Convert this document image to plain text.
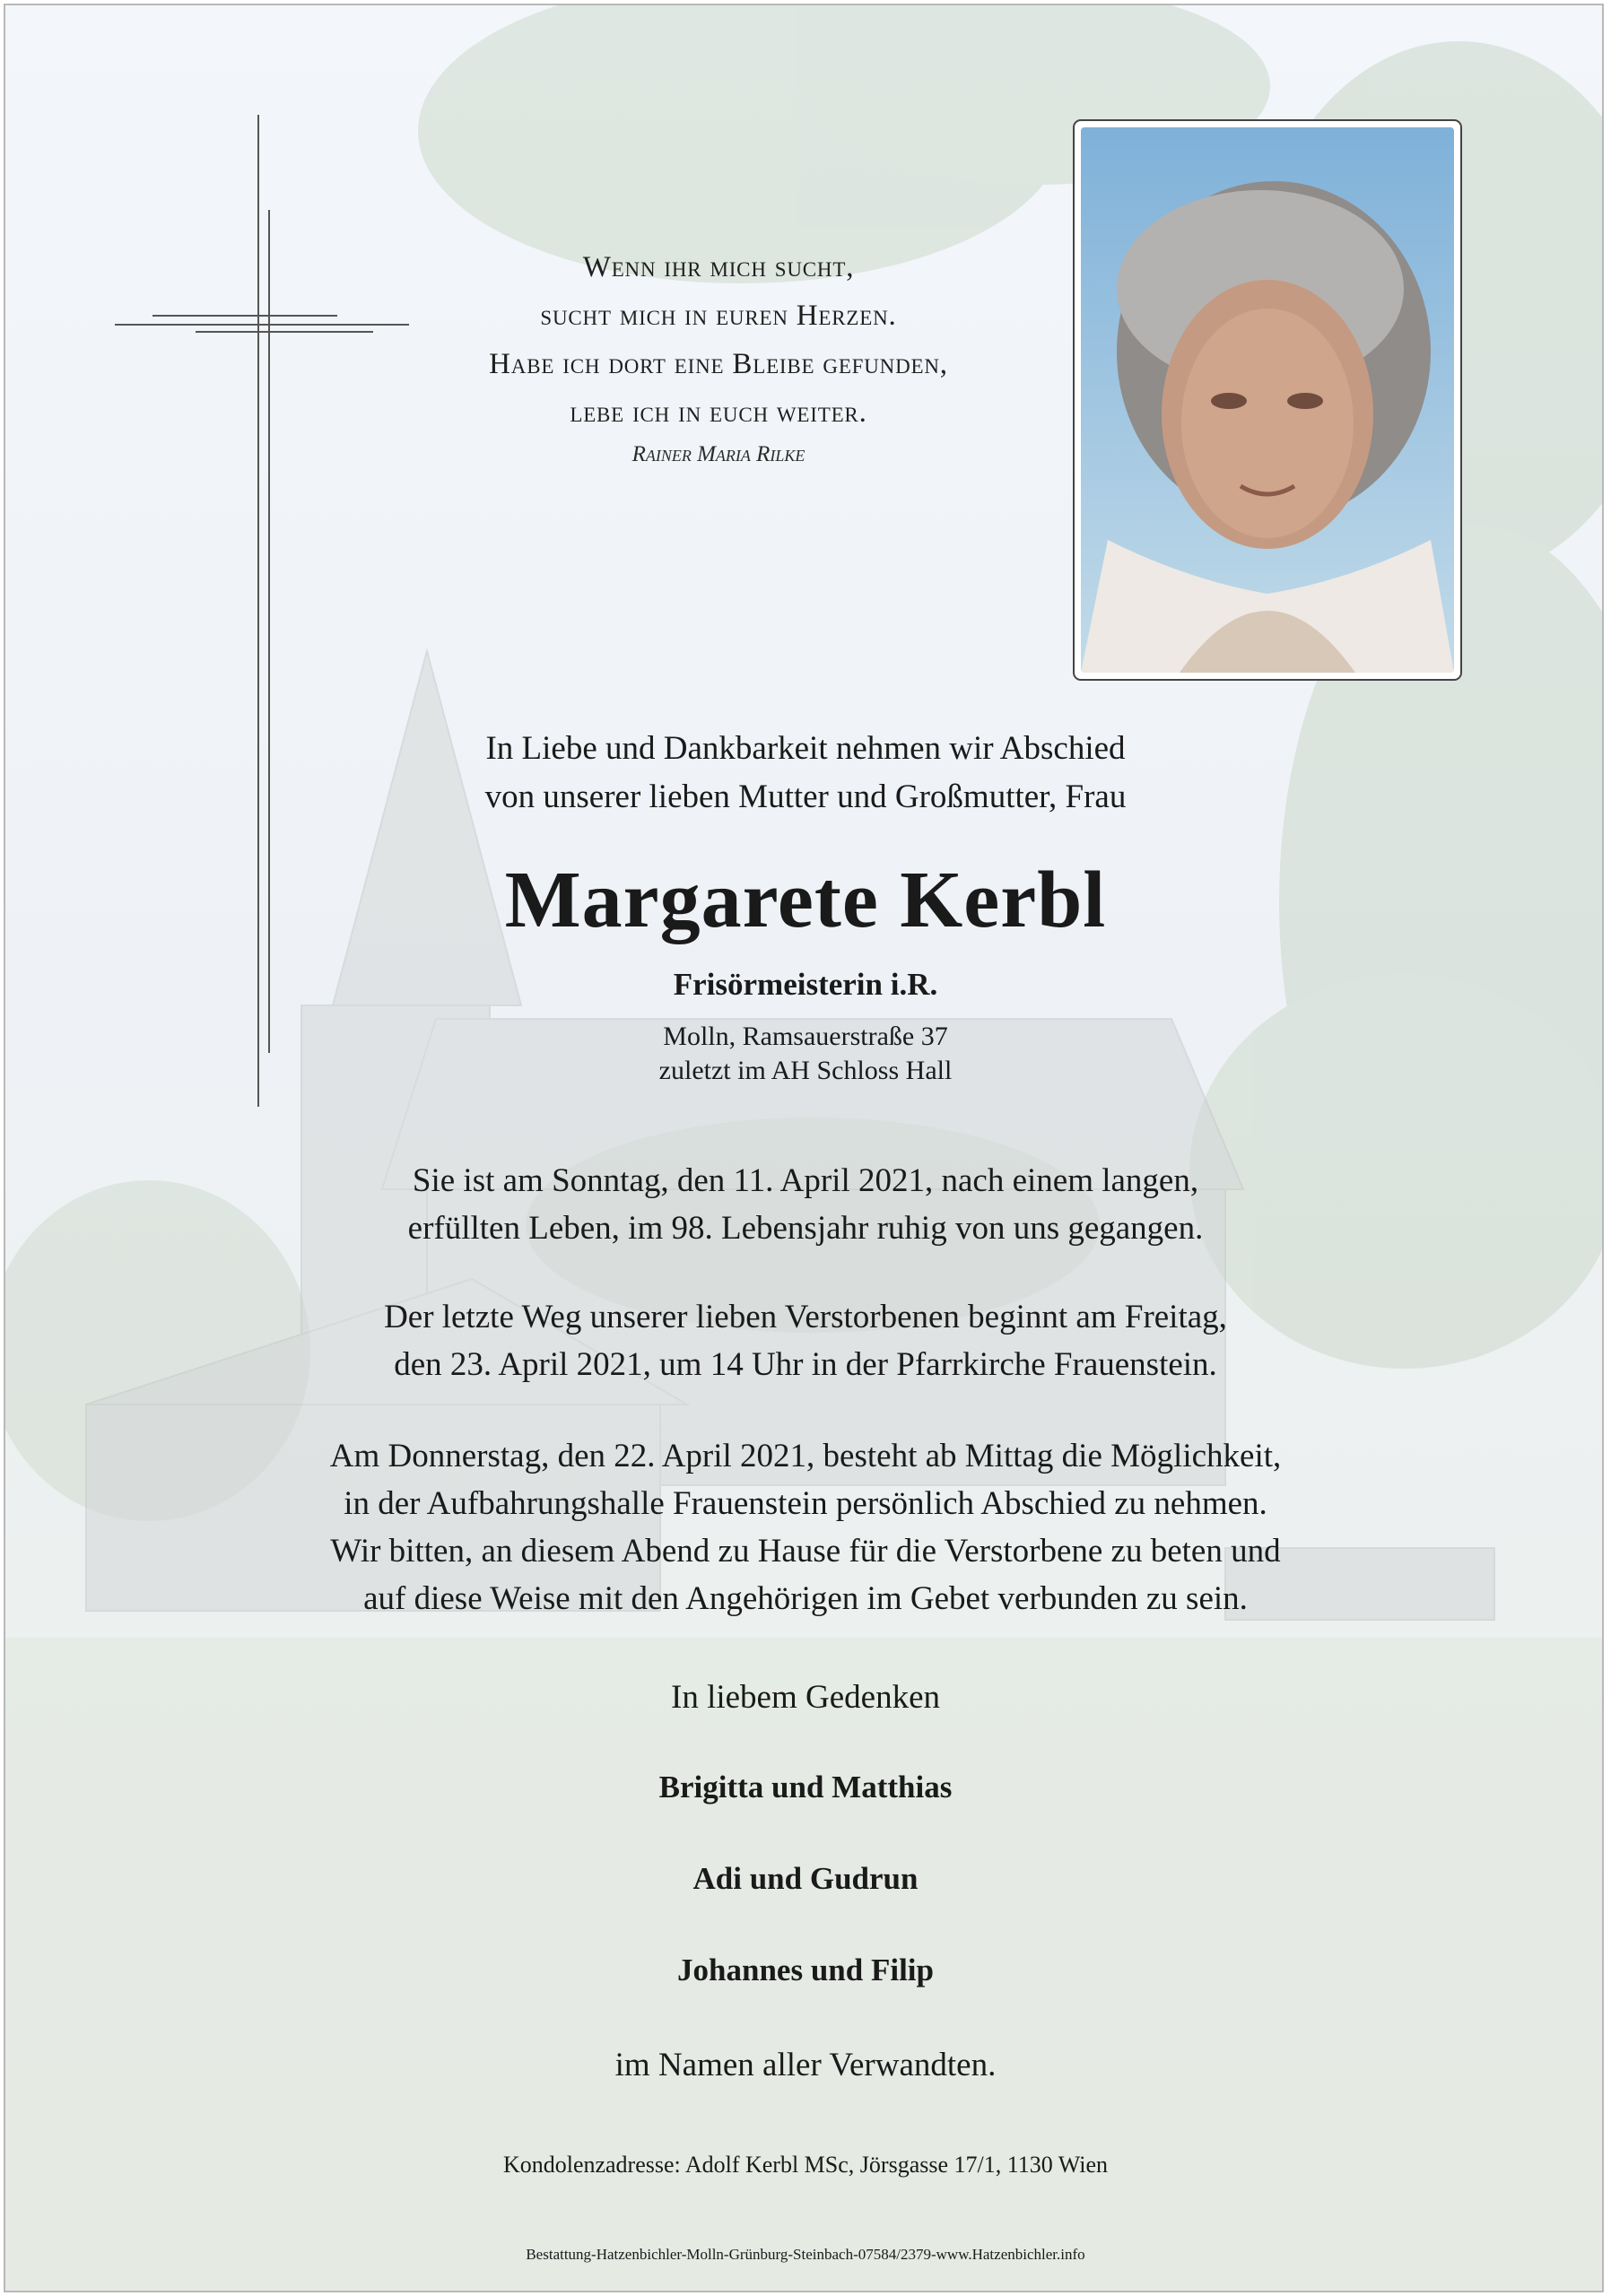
Wenn ihr mich sucht,
sucht mich in euren Herzen.
Habe ich dort eine Bleibe gefunden,
lebe ich in euch weiter.
Rainer Maria Rilke
In Liebe und Dankbarkeit nehmen wir Abschied
von unserer lieben Mutter und Großmutter, Frau
Margarete Kerbl
Frisörmeisterin i.R.
Molln, Ramsauerstraße 37
zuletzt im AH Schloss Hall
Sie ist am Sonntag, den 11. April 2021, nach einem langen,
erfüllten Leben, im 98. Lebensjahr ruhig von uns gegangen.
Der letzte Weg unserer lieben Verstorbenen beginnt am Freitag,
den 23. April 2021, um 14 Uhr in der Pfarrkirche Frauenstein.
Am Donnerstag, den 22. April 2021, besteht ab Mittag die Möglichkeit,
in der Aufbahrungshalle Frauenstein persönlich Abschied zu nehmen.
Wir bitten, an diesem Abend zu Hause für die Verstorbene zu beten und
auf diese Weise mit den Angehörigen im Gebet verbunden zu sein.
In liebem Gedenken
Brigitta und Matthias
Adi und Gudrun
Johannes und Filip
im Namen aller Verwandten.
Kondolenzadresse: Adolf Kerbl MSc, Jörsgasse 17/1, 1130 Wien
Bestattung-Hatzenbichler-Molln-Grünburg-Steinbach-07584/2379-www.Hatzenbichler.info
